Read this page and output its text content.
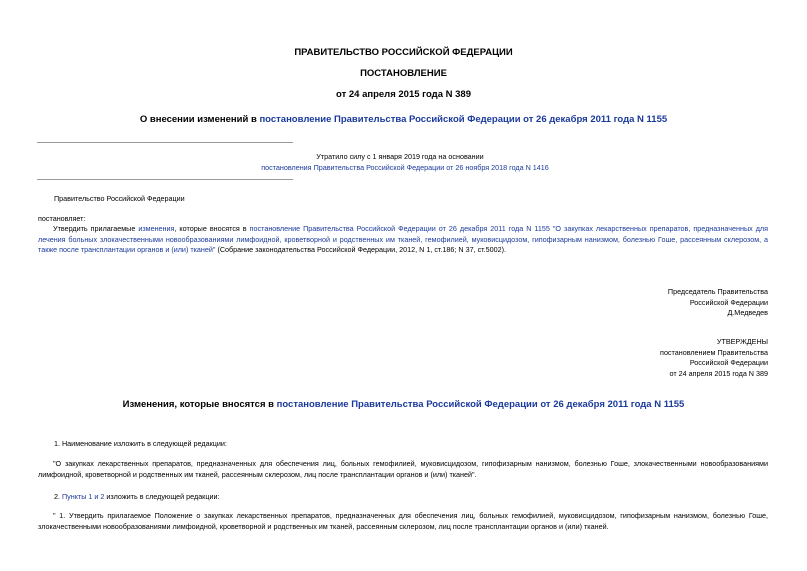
ПРАВИТЕЛЬСТВО РОССИЙСКОЙ ФЕДЕРАЦИИ
ПОСТАНОВЛЕНИЕ
от 24 апреля 2015 года N 389
О внесении изменений в постановление Правительства Российской Федерации от 26 декабря 2011 года N 1155
Утратило силу с 1 января 2019 года на основании
постановления Правительства Российской Федерации от 26 ноября 2018 года N 1416
Правительство Российской Федерации
постановляет:
Утвердить прилагаемые изменения, которые вносятся в постановление Правительства Российской Федерации от 26 декабря 2011 года N 1155 "О закупках лекарственных препаратов, предназначенных для лечения больных злокачественными новообразованиями лимфоидной, кроветворной и родственных им тканей, гемофилией, муковисцидозом, гипофизарным нанизмом, болезнью Гоше, рассеянным склерозом, а также после трансплантации органов и (или) тканей" (Собрание законодательства Российской Федерации, 2012, N 1, ст.186; N 37, ст.5002).
Председатель Правительства
Российской Федерации
Д.Медведев
УТВЕРЖДЕНЫ
постановлением Правительства
Российской Федерации
от 24 апреля 2015 года N 389
Изменения, которые вносятся в постановление Правительства Российской Федерации от 26 декабря 2011 года N 1155
1. Наименование изложить в следующей редакции:
"О закупках лекарственных препаратов, предназначенных для обеспечения лиц, больных гемофилией, муковисцидозом, гипофизарным нанизмом, болезнью Гоше, злокачественными новообразованиями лимфоидной, кроветворной и родственных им тканей, рассеянным склерозом, лиц после трансплантации органов и (или) тканей".
2. Пункты 1 и 2 изложить в следующей редакции:
" 1. Утвердить прилагаемое Положение о закупках лекарственных препаратов, предназначенных для обеспечения лиц, больных гемофилией, муковисцидозом, гипофизарным нанизмом, болезнью Гоше, злокачественными новообразованиями лимфоидной, кроветворной и родственных им тканей, рассеянным склерозом, лиц после трансплантации органов и (или) тканей.
